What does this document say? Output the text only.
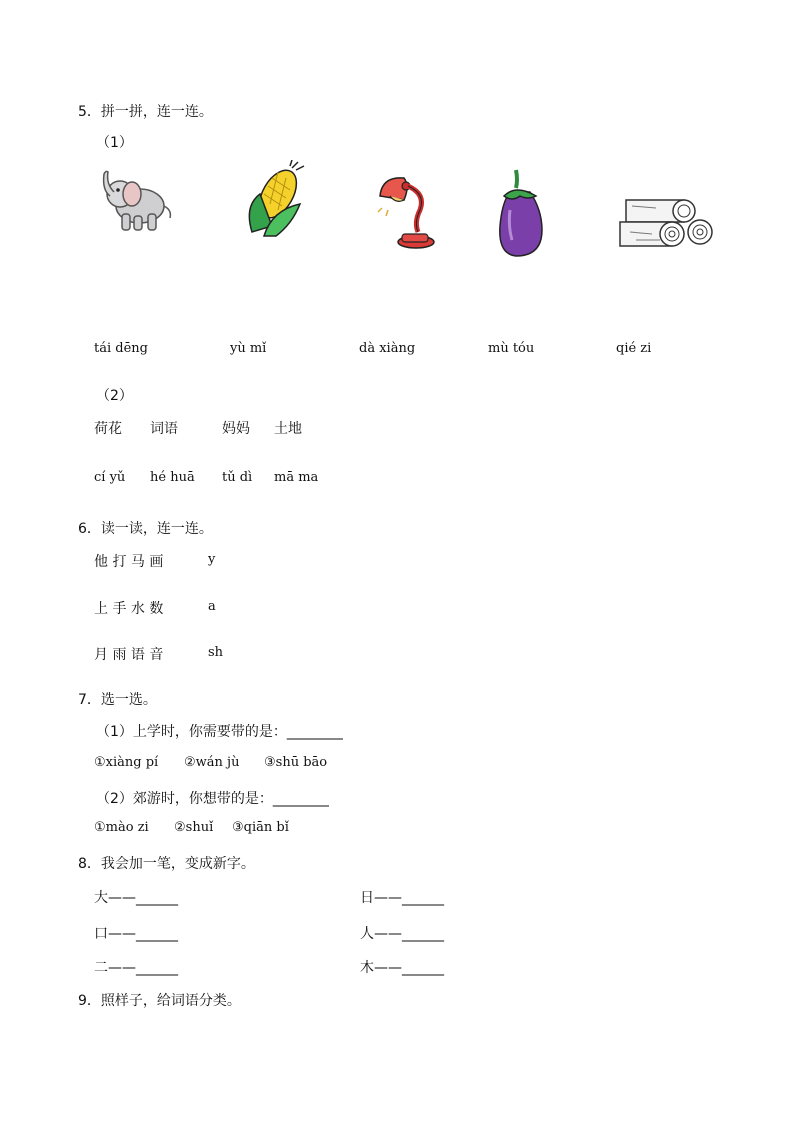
5．拼一拼，连一连。
（1）
tái dēng	yù mǐ	dà xiàng	mù tóu	qié zi
（2）
荷花 词语	妈妈 土地
cí yǔ hé huā tǔ dì mā ma
6．读一读，连一连。
他 打 马 画	y
上 手 水 数	a
月 雨 语 音	sh
7．选一选。
（1）上学时，你需要带的是：________
①xiàng pí ②wán jù ③shū bāo
（2）郊游时，你想带的是：________
①mào zi ②shuǐ ③qiān bǐ
8．我会加一笔，变成新字。
大——______	日——______
口——______	人——______
二——______	木——______
9．照样子，给词语分类。
